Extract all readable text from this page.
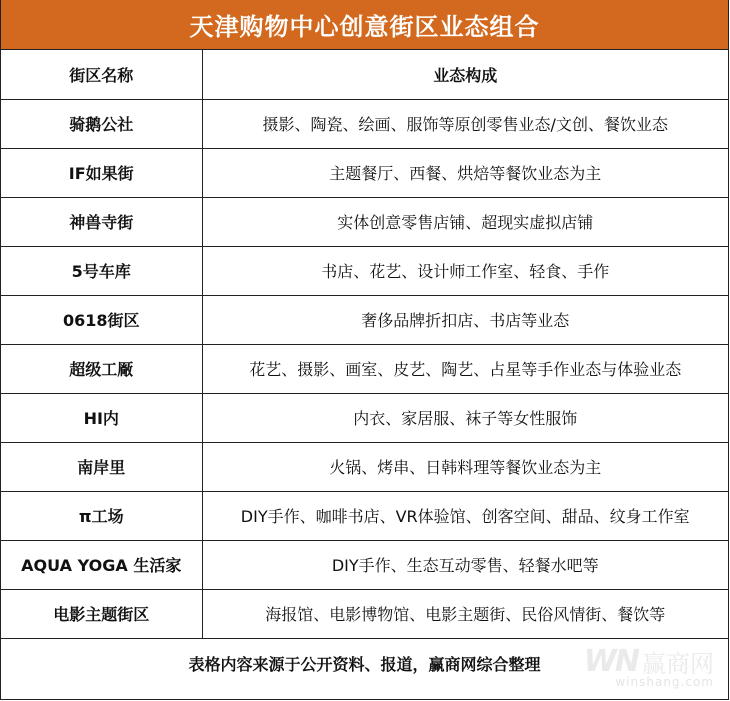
天津购物中心创意街区业态组合
街区名称	业态构成
骑鹅公社	摄影、陶瓷、绘画、服饰等原创零售业态/文创、餐饮业态
IF如果街	主题餐厅、西餐、烘焙等餐饮业态为主
神兽寺街	实体创意零售店铺、超现实虚拟店铺
5号车库	书店、花艺、设计师工作室、轻食、手作
0618街区	奢侈品牌折扣店、书店等业态
超级工厰	花艺、摄影、画室、皮艺、陶艺、占星等手作业态与体验业态
HI内	内衣、家居服、袜子等女性服饰
南岸里	火锅、烤串、日韩料理等餐饮业态为主
π工场	DIY手作、咖啡书店、VR体验馆、创客空间、甜品、纹身工作室
AQUA YOGA 生活家	DIY手作、生态互动零售、轻餐水吧等
电影主题街区	海报馆、电影博物馆、电影主题街、民俗风情街、餐饮等
表格内容来源于公开资料、报道，赢商网综合整理 WN 赢商网
winshang.com
